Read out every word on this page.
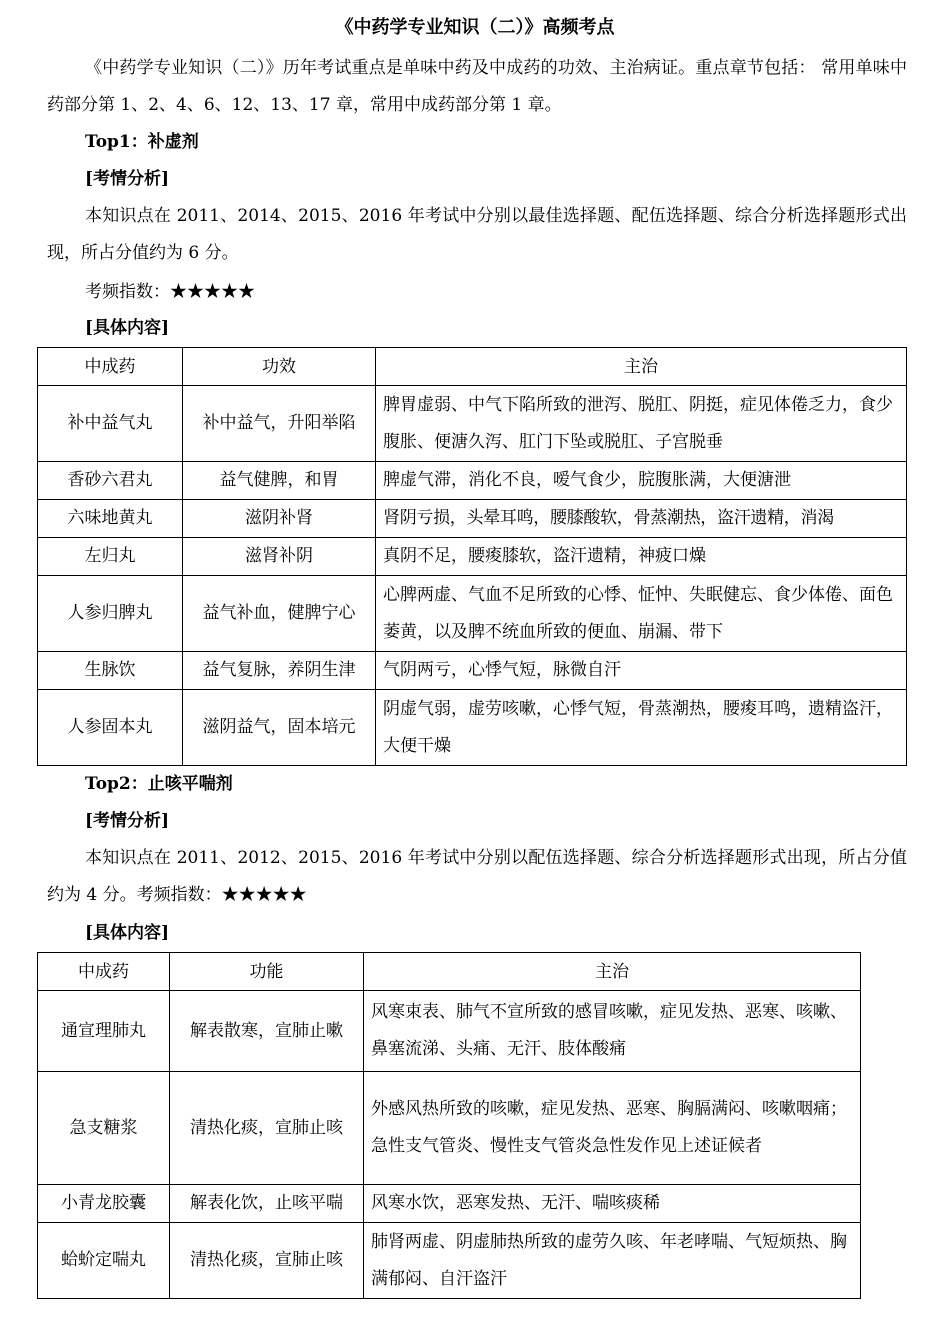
《中药学专业知识（二）》高频考点
《中药学专业知识（二）》历年考试重点是单味中药及中成药的功效、主治病证。重点章节包括： 常用单味中药部分第 1、2、4、6、12、13、17 章，常用中成药部分第 1 章。
Top1：补虚剂
[考情分析]
本知识点在 2011、2014、2015、2016 年考试中分别以最佳选择题、配伍选择题、综合分析选择题形式出现，所占分值约为 6 分。
考频指数：★★★★★
[具体内容]
中成药	功效	主治
补中益气丸	补中益气，升阳举陷	脾胃虚弱、中气下陷所致的泄泻、脱肛、阴挺，症见体倦乏力，食少腹胀、便溏久泻、肛门下坠或脱肛、子宫脱垂
香砂六君丸	益气健脾，和胃	脾虚气滞，消化不良，嗳气食少，脘腹胀满，大便溏泄
六味地黄丸	滋阴补肾	肾阴亏损，头晕耳鸣，腰膝酸软，骨蒸潮热，盗汗遗精，消渴
左归丸	滋肾补阴	真阴不足，腰痠膝软，盗汗遗精，神疲口燥
人参归脾丸	益气补血，健脾宁心	心脾两虚、气血不足所致的心悸、怔忡、失眠健忘、食少体倦、面色萎黄，以及脾不统血所致的便血、崩漏、带下
生脉饮	益气复脉，养阴生津	气阴两亏，心悸气短，脉微自汗
人参固本丸	滋阴益气，固本培元	阴虚气弱，虚劳咳嗽，心悸气短，骨蒸潮热，腰痠耳鸣，遗精盗汗，大便干燥
Top2：止咳平喘剂
[考情分析]
本知识点在 2011、2012、2015、2016 年考试中分别以配伍选择题、综合分析选择题形式出现，所占分值约为 4 分。考频指数：★★★★★
[具体内容]
中成药	功能	主治
通宣理肺丸	解表散寒，宣肺止嗽	风寒束表、肺气不宣所致的感冒咳嗽，症见发热、恶寒、咳嗽、鼻塞流涕、头痛、无汗、肢体酸痛
急支糖浆	清热化痰，宣肺止咳	外感风热所致的咳嗽，症见发热、恶寒、胸膈满闷、咳嗽咽痛；急性支气管炎、慢性支气管炎急性发作见上述证候者
小青龙胶囊	解表化饮，止咳平喘	风寒水饮，恶寒发热、无汗、喘咳痰稀
蛤蚧定喘丸	清热化痰，宣肺止咳	肺肾两虚、阴虚肺热所致的虚劳久咳、年老哮喘、气短烦热、胸满郁闷、自汗盗汗
